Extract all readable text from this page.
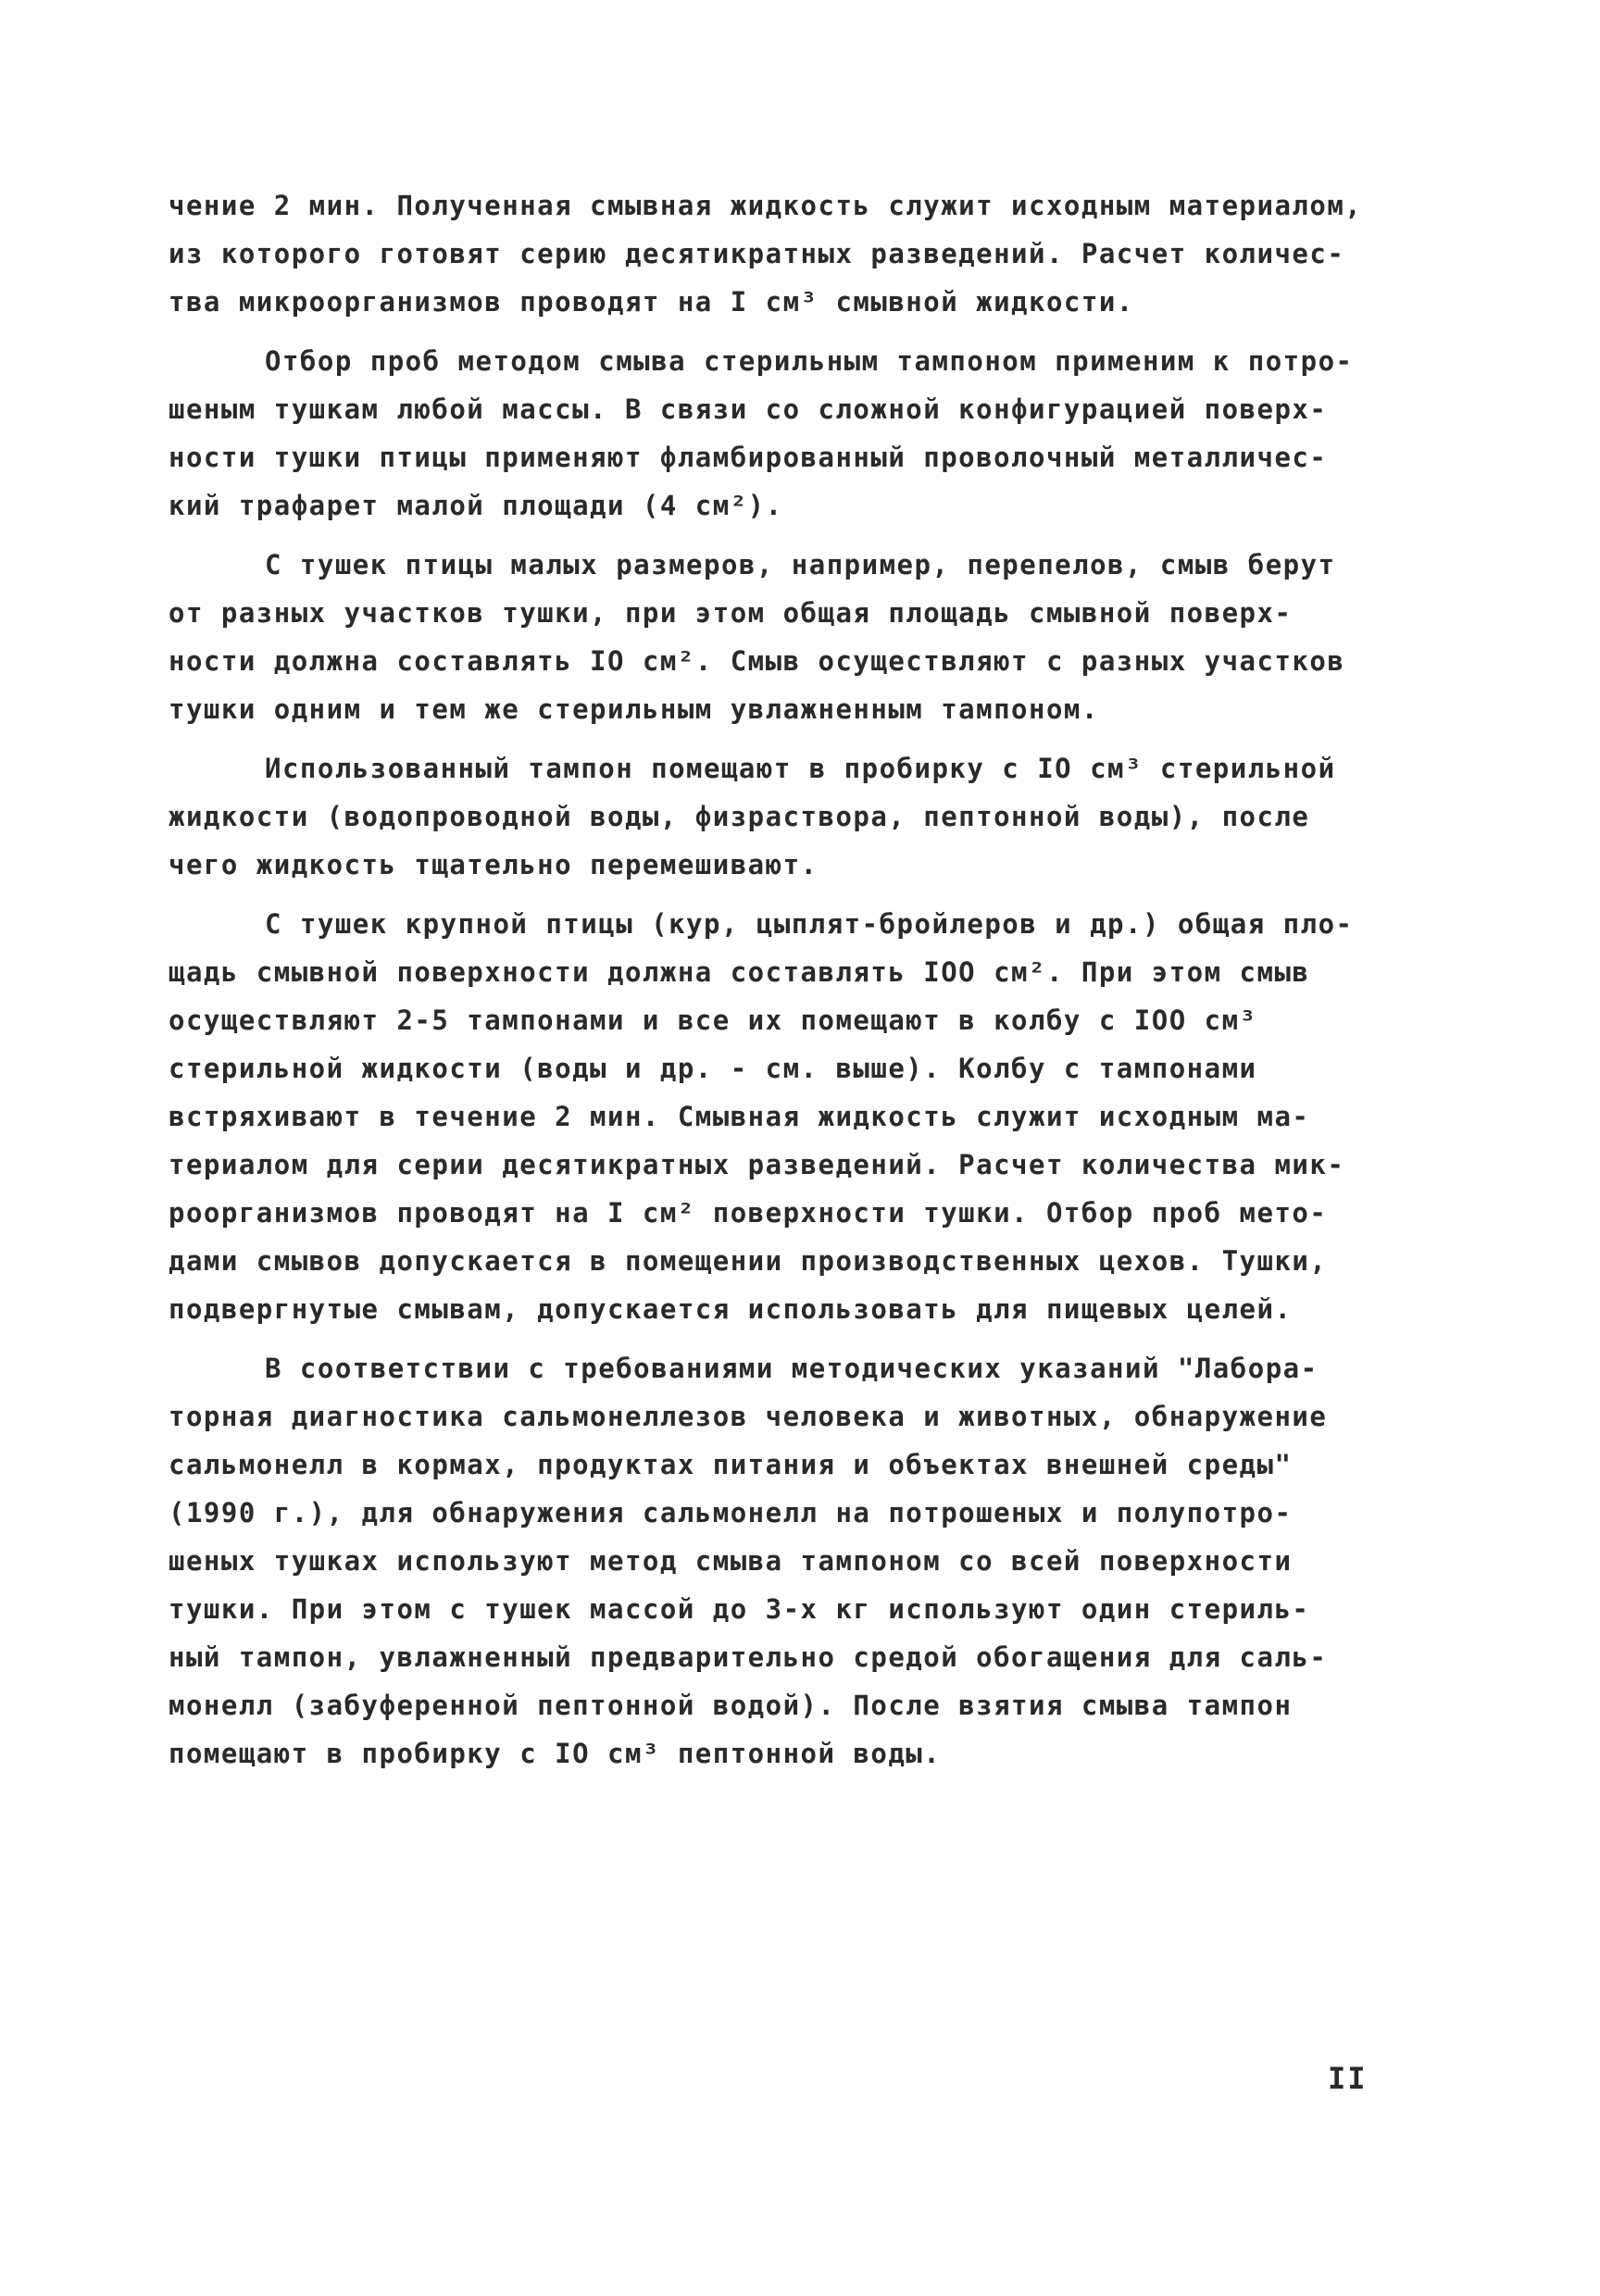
чение 2 мин. Полученная смывная жидкость служит исходным материалом,
из которого готовят серию десятикратных разведений. Расчет количес-
тва микроорганизмов проводят на I см³ смывной жидкости.

Отбор проб методом смыва стерильным тампоном применим к потро-
шеным тушкам любой массы. В связи со сложной конфигурацией поверх-
ности тушки птицы применяют фламбированный проволочный металличес-
кий трафарет малой площади (4 см²).

С тушек птицы малых размеров, например, перепелов, смыв берут
от разных участков тушки, при этом общая площадь смывной поверх-
ности должна составлять IO см². Смыв осуществляют с разных участков
тушки одним и тем же стерильным увлажненным тампоном.

Использованный тампон помещают в пробирку с IO см³ стерильной
жидкости (водопроводной воды, физраствора, пептонной воды), после
чего жидкость тщательно перемешивают.

С тушек крупной птицы (кур, цыплят-бройлеров и др.) общая пло-
щадь смывной поверхности должна составлять IOO см². При этом смыв
осуществляют 2-5 тампонами и все их помещают в колбу с IOO см³
стерильной жидкости (воды и др. - см. выше). Колбу с тампонами
встряхивают в течение 2 мин. Смывная жидкость служит исходным ма-
териалом для серии десятикратных разведений. Расчет количества мик-
роорганизмов проводят на I см² поверхности тушки. Отбор проб мето-
дами смывов допускается в помещении производственных цехов. Тушки,
подвергнутые смывам, допускается использовать для пищевых целей.

В соответствии с требованиями методических указаний "Лабора-
торная диагностика сальмонеллезов человека и животных, обнаружение
сальмонелл в кормах, продуктах питания и объектах внешней среды"
(1990 г.), для обнаружения сальмонелл на потрошеных и полупотро-
шеных тушках используют метод смыва тампоном со всей поверхности
тушки. При этом с тушек массой до 3-х кг используют один стериль-
ный тампон, увлажненный предварительно средой обогащения для саль-
монелл (забуференной пептонной водой). После взятия смыва тампон
помещают в пробирку с IO см³ пептонной воды.

II
